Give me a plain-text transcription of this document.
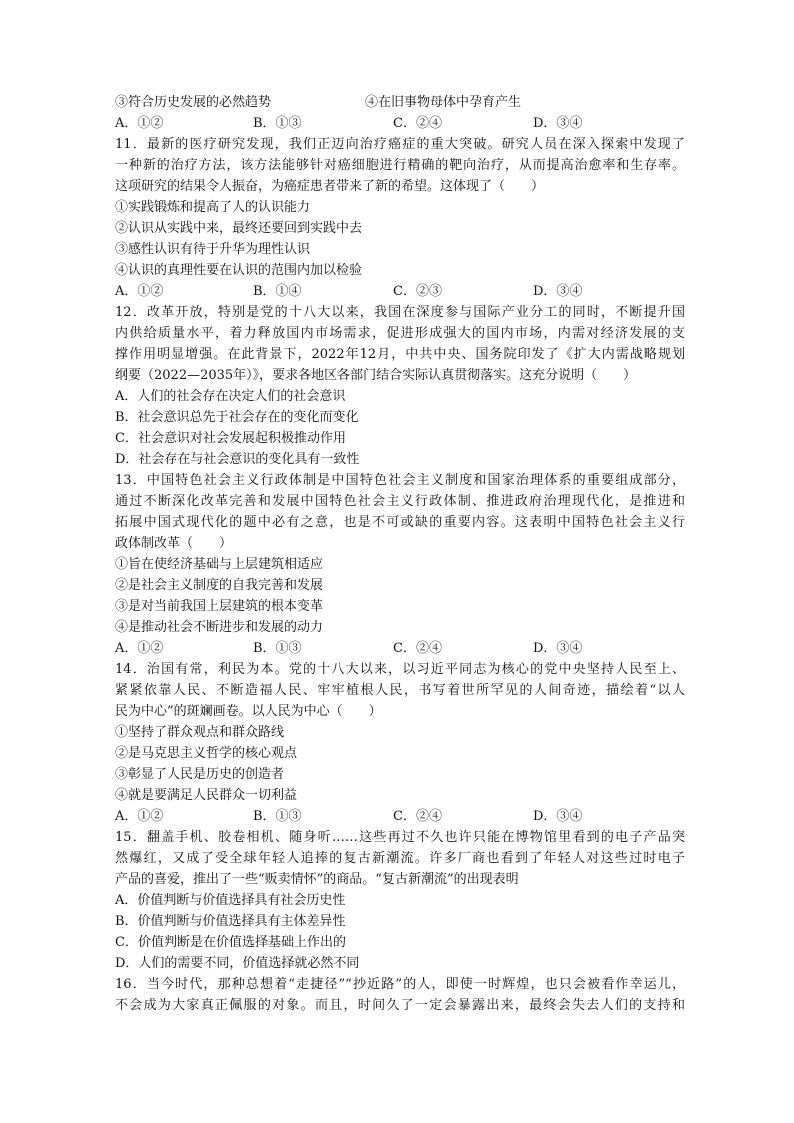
③符合历史发展的必然趋势	④在旧事物母体中孕育产生
A．①②	B．①③	C．②④	D．③④
11．最新的医疗研究发现，我们正迈向治疗癌症的重大突破。研究人员在深入探索中发现了
一种新的治疗方法，该方法能够针对癌细胞进行精确的靶向治疗，从而提高治愈率和生存率。
这项研究的结果令人振奋，为癌症患者带来了新的希望。这体现了（　　）
①实践锻炼和提高了人的认识能力
②认识从实践中来，最终还要回到实践中去
③感性认识有待于升华为理性认识
④认识的真理性要在认识的范围内加以检验
A．①②	B．①④	C．②③	D．③④
12．改革开放，特别是党的十八大以来，我国在深度参与国际产业分工的同时，不断提升国
内供给质量水平，着力释放国内市场需求，促进形成强大的国内市场，内需对经济发展的支
撑作用明显增强。在此背景下，2022年12月，中共中央、国务院印发了《扩大内需战略规划
纲要（2022—2035年）》，要求各地区各部门结合实际认真贯彻落实。这充分说明（　　）
A．人们的社会存在决定人们的社会意识
B．社会意识总先于社会存在的变化而变化
C．社会意识对社会发展起积极推动作用
D．社会存在与社会意识的变化具有一致性
13．中国特色社会主义行政体制是中国特色社会主义制度和国家治理体系的重要组成部分，
通过不断深化改革完善和发展中国特色社会主义行政体制、推进政府治理现代化，是推进和
拓展中国式现代化的题中必有之意，也是不可或缺的重要内容。这表明中国特色社会主义行
政体制改革（　　）
①旨在使经济基础与上层建筑相适应
②是社会主义制度的自我完善和发展
③是对当前我国上层建筑的根本变革
④是推动社会不断进步和发展的动力
A．①②	B．①③	C．②④	D．③④
14．治国有常，利民为本。党的十八大以来，以习近平同志为核心的党中央坚持人民至上、
紧紧依靠人民、不断造福人民、牢牢植根人民，书写着世所罕见的人间奇迹，描绘着“以人
民为中心”的斑斓画卷。以人民为中心（　　）
①坚持了群众观点和群众路线
②是马克思主义哲学的核心观点
③彰显了人民是历史的创造者
④就是要满足人民群众一切利益
A．①②	B．①③	C．②④	D．③④
15．翻盖手机、胶卷相机、随身听……这些再过不久也许只能在博物馆里看到的电子产品突
然爆红，又成了受全球年轻人追捧的复古新潮流。许多厂商也看到了年轻人对这些过时电子
产品的喜爱，推出了一些“贩卖情怀”的商品。“复古新潮流”的出现表明
A．价值判断与价值选择具有社会历史性
B．价值判断与价值选择具有主体差异性
C．价值判断是在价值选择基础上作出的
D．人们的需要不同，价值选择就必然不同
16．当今时代，那种总想着“走捷径”“抄近路”的人，即使一时辉煌，也只会被看作幸运儿，
不会成为大家真正佩服的对象。而且，时间久了一定会暴露出来，最终会失去人们的支持和
